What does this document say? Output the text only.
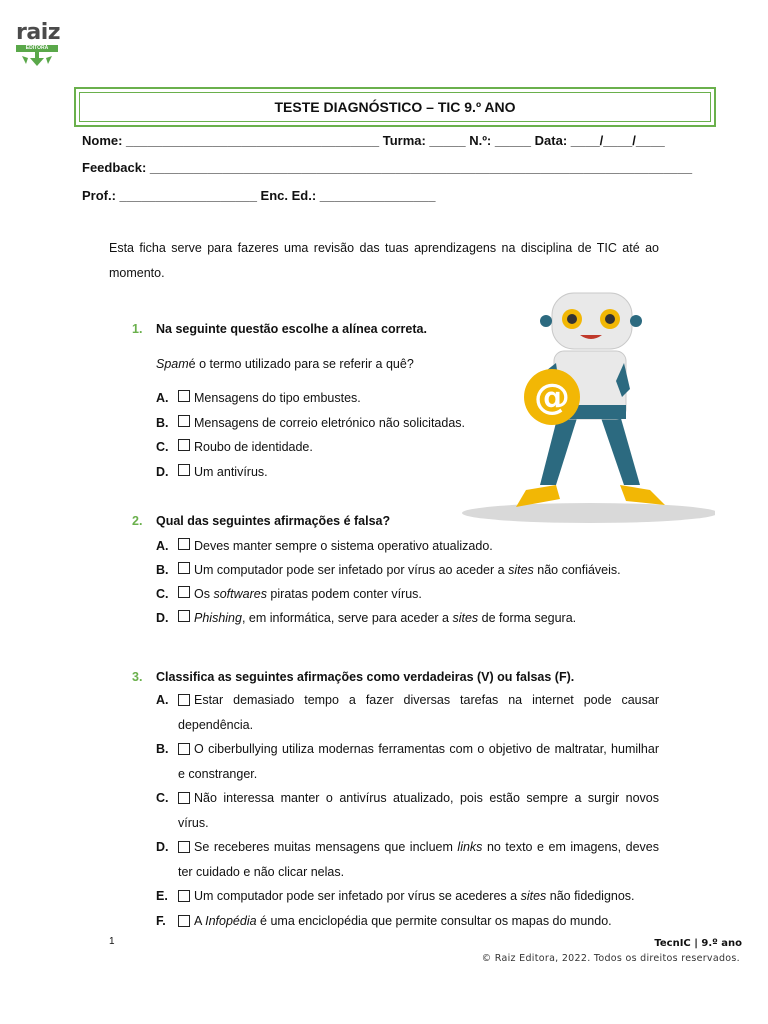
raiz
EDITORA
TESTE DIAGNÓSTICO – TIC 9.º ANO
Nome: ___________________________________ Turma: _____ N.º: _____ Data: ____/____/____
Feedback: ___________________________________________________________________________
Prof.: ___________________ Enc. Ed.: ________________
Esta ficha serve para fazeres uma revisão das tuas aprendizagens na disciplina de TIC até ao momento.
@
1.	Na seguinte questão escolhe a alínea correta.
Spam é o termo utilizado para se referir a quê?
A.	Mensagens do tipo embustes.
B.	Mensagens de correio eletrónico não solicitadas.
C.	Roubo de identidade.
D.	Um antivírus.
2.	Qual das seguintes afirmações é falsa?
A.	Deves manter sempre o sistema operativo atualizado.
B.	Um computador pode ser infetado por vírus ao aceder a sites não confiáveis.
C.	Os softwares piratas podem conter vírus.
D.	Phishing, em informática, serve para aceder a sites de forma segura.
3.	Classifica as seguintes afirmações como verdadeiras (V) ou falsas (F).
A.	Estar demasiado tempo a fazer diversas tarefas na internet pode causar dependência.
B.	O ciberbullying utiliza modernas ferramentas com o objetivo de maltratar, humilhar e constranger.
C.	Não interessa manter o antivírus atualizado, pois estão sempre a surgir novos vírus.
D.	Se receberes muitas mensagens que incluem links no texto e em imagens, deves ter cuidado e não clicar nelas.
E.	Um computador pode ser infetado por vírus se acederes a sites não fidedignos.
F.	A Infopédia é uma enciclopédia que permite consultar os mapas do mundo.
1	TecnIC | 9.º ano
© Raiz Editora, 2022. Todos os direitos reservados.
